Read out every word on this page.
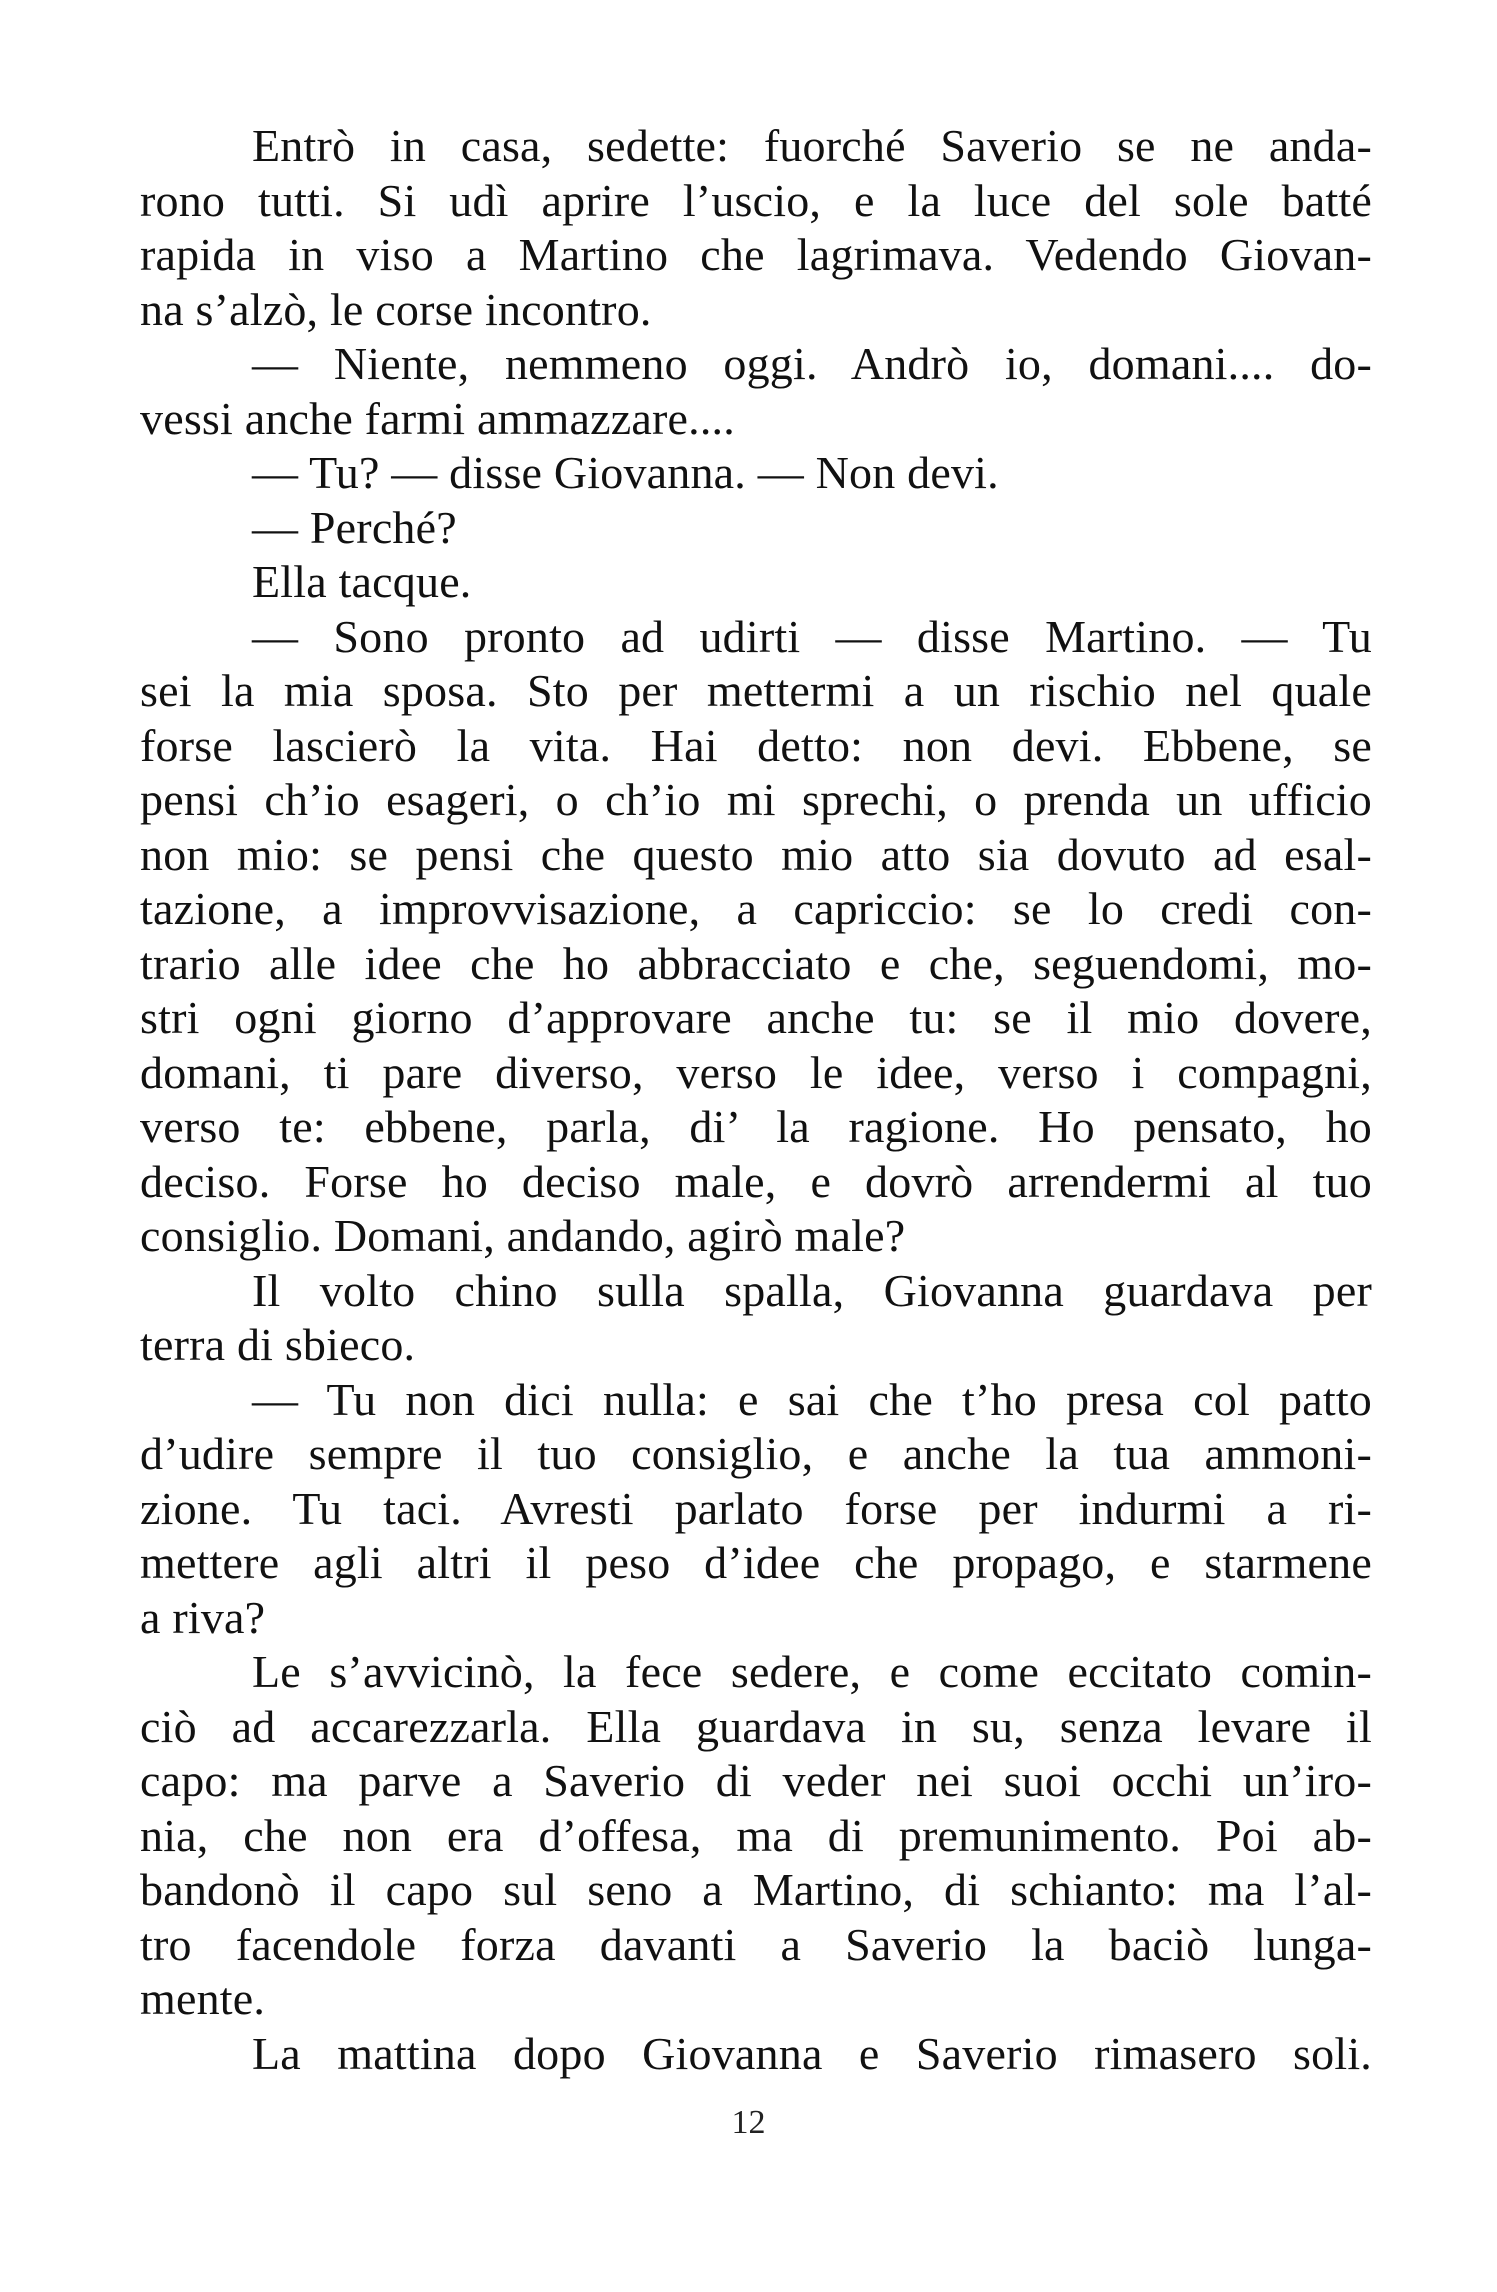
Entrò in casa, sedette: fuorché Saverio se ne anda-
rono tutti. Si udì aprire l’uscio, e la luce del sole batté
rapida in viso a Martino che lagrimava. Vedendo Giovan-
na s’alzò, le corse incontro.
— Niente, nemmeno oggi. Andrò io, domani.... do-
vessi anche farmi ammazzare....
— Tu? — disse Giovanna. — Non devi.
— Perché?
Ella tacque.
— Sono pronto ad udirti — disse Martino. — Tu
sei la mia sposa. Sto per mettermi a un rischio nel quale
forse lascierò la vita. Hai detto: non devi. Ebbene, se
pensi ch’io esageri, o ch’io mi sprechi, o prenda un ufficio
non mio: se pensi che questo mio atto sia dovuto ad esal-
tazione, a improvvisazione, a capriccio: se lo credi con-
trario alle idee che ho abbracciato e che, seguendomi, mo-
stri ogni giorno d’approvare anche tu: se il mio dovere,
domani, ti pare diverso, verso le idee, verso i compagni,
verso te: ebbene, parla, di’ la ragione. Ho pensato, ho
deciso. Forse ho deciso male, e dovrò arrendermi al tuo
consiglio. Domani, andando, agirò male?
Il volto chino sulla spalla, Giovanna guardava per
terra di sbieco.
— Tu non dici nulla: e sai che t’ho presa col patto
d’udire sempre il tuo consiglio, e anche la tua ammoni-
zione. Tu taci. Avresti parlato forse per indurmi a ri-
mettere agli altri il peso d’idee che propago, e starmene
a riva?
Le s’avvicinò, la fece sedere, e come eccitato comin-
ciò ad accarezzarla. Ella guardava in su, senza levare il
capo: ma parve a Saverio di veder nei suoi occhi un’iro-
nia, che non era d’offesa, ma di premunimento. Poi ab-
bandonò il capo sul seno a Martino, di schianto: ma l’al-
tro facendole forza davanti a Saverio la baciò lunga-
mente.
La mattina dopo Giovanna e Saverio rimasero soli.
12
